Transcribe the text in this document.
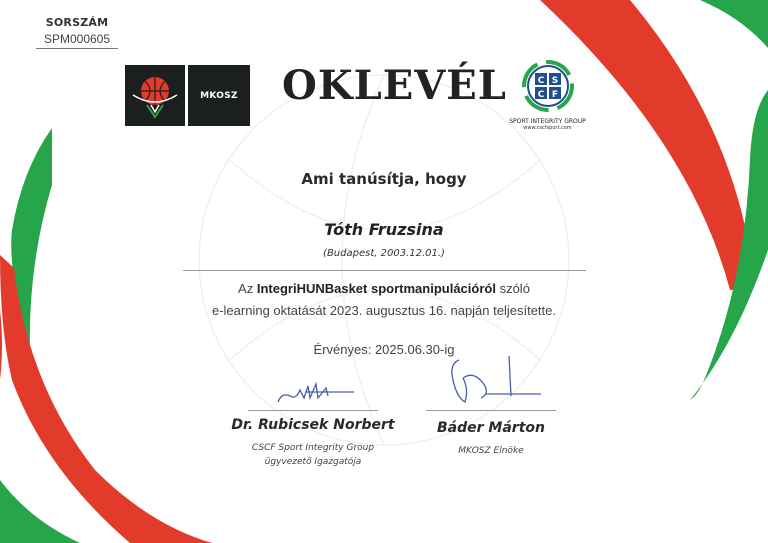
SORSZÁM
SPM000605
MKOSZ	OKLEVÉL	C S
C F
SPORT INTEGRITY GROUP
www.cscfsport.com
Ami tanúsítja, hogy
Tóth Fruzsina
(Budapest, 2003.12.01.)
Az IntegriHUNBasket sportmanipulációról szóló
e-learning oktatását 2023. augusztus 16. napján teljesítette.
Érvényes: 2025.06.30-ig
Dr. Rubicsek Norbert
CSCF Sport Integrity Group
ügyvezető Igazgatója
Báder Márton
MKOSZ Elnöke
